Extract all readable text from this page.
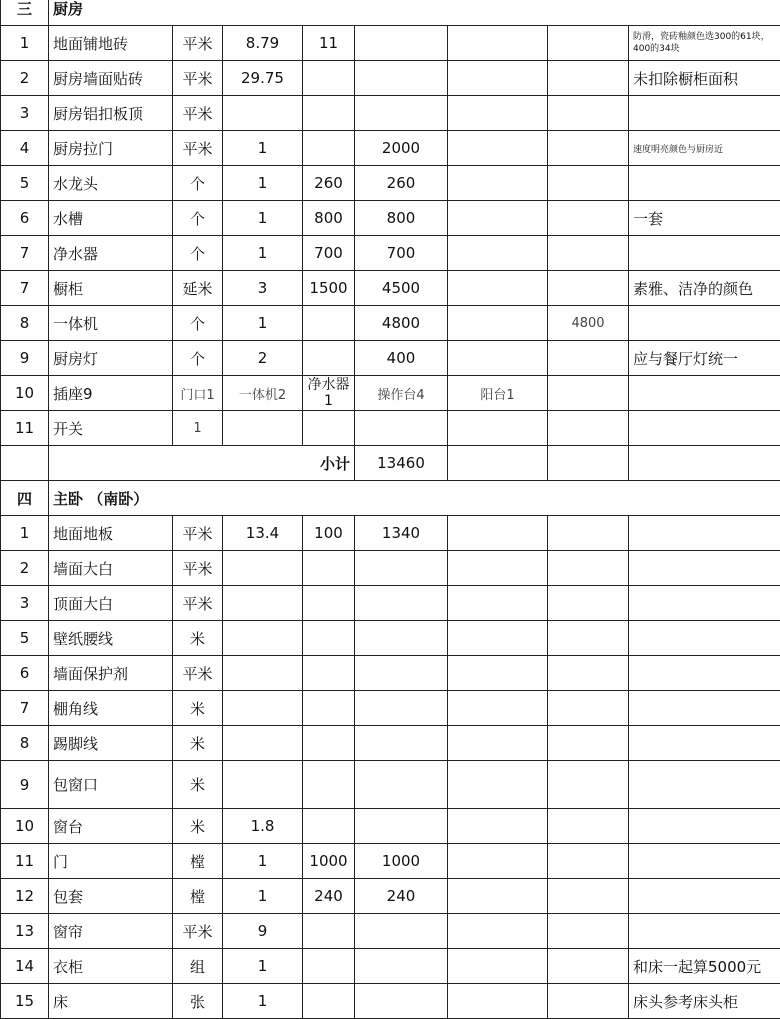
三	厨房							
1	地面铺地砖	平米	8.79	11				防滑，瓷砖釉颜色选300的61块，400的34块
2	厨房墙面贴砖	平米	29.75					未扣除橱柜面积
3	厨房铝扣板顶	平米						
4	厨房拉门	平米	1		2000			速度明亮颜色与厨房近
5	水龙头	个	1	260	260			
6	水槽	个	1	800	800			一套
7	净水器	个	1	700	700			
7	橱柜	延米	3	1500	4500			素雅、洁净的颜色
8	一体机	个	1		4800		4800	
9	厨房灯	个	2		400			应与餐厅灯统一
10	插座9	门口1	一体机2	净水器1	操作台4	阳台1		
11	开关	1						
	小计				13460			
四	主卧 （南卧）							
1	地面地板	平米	13.4	100	1340			
2	墙面大白	平米						
3	顶面大白	平米						
5	壁纸腰线	米						
6	墙面保护剂	平米						
7	棚角线	米						
8	踢脚线	米						
9	包窗口	米						
10	窗台	米	1.8					
11	门	樘	1	1000	1000			
12	包套	樘	1	240	240			
13	窗帘	平米	9					
14	衣柜	组	1					和床一起算5000元
15	床	张	1					床头参考床头柜
